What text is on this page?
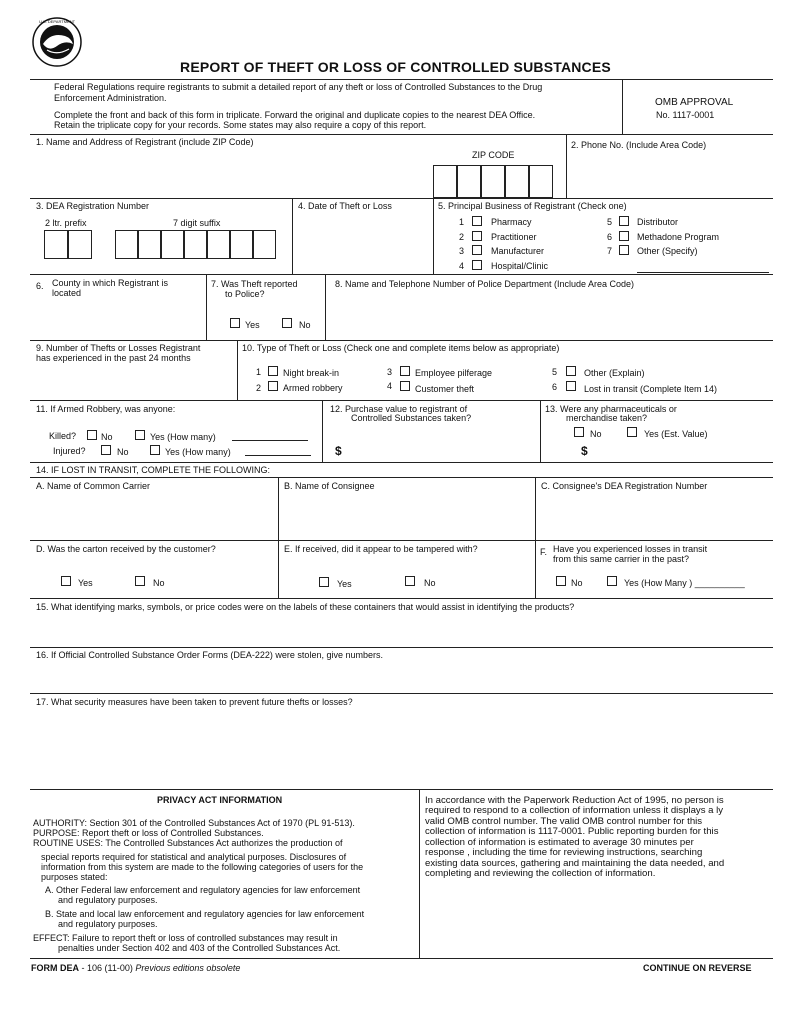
U.S. DEPARTMENT
REPORT OF THEFT OR LOSS OF CONTROLLED SUBSTANCES
Federal Regulations require registrants to submit a detailed report of any theft or loss of Controlled Substances to the Drug
Enforcement Administration.
Complete the front and back of this form in triplicate. Forward the original and duplicate copies to the nearest DEA Office.
Retain the triplicate copy for your records. Some states may also require a copy of this report.
OMB APPROVAL
No. 1117-0001
1. Name and Address of Registrant (include ZIP Code)
ZIP CODE
2. Phone No. (Include Area Code)
3. DEA Registration Number
2 ltr. prefix	7 digit suffix
4. Date of Theft or Loss	5. Principal Business of Registrant (Check one)
1	Pharmacy
2	Practitioner
3	Manufacturer
4	Hospital/Clinic
5	Distributor
6	Methadone Program
7	Other (Specify)
6. County in which Registrant is
located
7. Was Theft reported
to Police?
Yes	No
8. Name and Telephone Number of Police Department (Include Area Code)
9. Number of Thefts or Losses Registrant
has experienced in the past 24 months
10. Type of Theft or Loss (Check one and complete items below as appropriate)
1 Night break-in
2 Armed robbery
3	Employee pilferage
4	Customer theft
5	Other (Explain)
6	Lost in transit (Complete Item 14)
11. If Armed Robbery, was anyone:
Killed?	No	Yes (How many)
Injured?	No	Yes (How many)
12. Purchase value to registrant of
Controlled Substances taken?
$
13. Were any pharmaceuticals or
merchandise taken?
No	Yes (Est. Value)
$
14. IF LOST IN TRANSIT, COMPLETE THE FOLLOWING:
A. Name of Common Carrier	B. Name of Consignee	C. Consignee's DEA Registration Number
D. Was the carton received by the customer?
Yes	No
E. If received, did it appear to be tampered with?
Yes	No
F. Have you experienced losses in transit
from this same carrier in the past?
No	Yes (How Many ) __________
15. What identifying marks, symbols, or price codes were on the labels of these containers that would assist in identifying the products?
16. If Official Controlled Substance Order Forms (DEA-222) were stolen, give numbers.
17. What security measures have been taken to prevent future thefts or losses?
PRIVACY ACT INFORMATION
AUTHORITY: Section 301 of the Controlled Substances Act of 1970 (PL 91-513).
PURPOSE: Report theft or loss of Controlled Substances.
ROUTINE USES: The Controlled Substances Act authorizes the production of
special reports required for statistical and analytical purposes. Disclosures of
information from this system are made to the following categories of users for the
purposes stated:
A. Other Federal law enforcement and regulatory agencies for law enforcement
and regulatory purposes.
B. State and local law enforcement and regulatory agencies for law enforcement
and regulatory purposes.
EFFECT: Failure to report theft or loss of controlled substances may result in
penalties under Section 402 and 403 of the Controlled Substances Act.
In accordance with the Paperwork Reduction Act of 1995, no person is
required to respond to a collection of information unless it displays a ly
valid OMB control number. The valid OMB control number for this
collection of information is 1117-0001. Public reporting burden for this
collection of information is estimated to average 30 minutes per
response , including the time for reviewing instructions, searching
existing data sources, gathering and maintaining the data needed, and
completing and reviewing the collection of information.
FORM DEA - 106 (11-00) Previous editions obsolete	CONTINUE ON REVERSE
